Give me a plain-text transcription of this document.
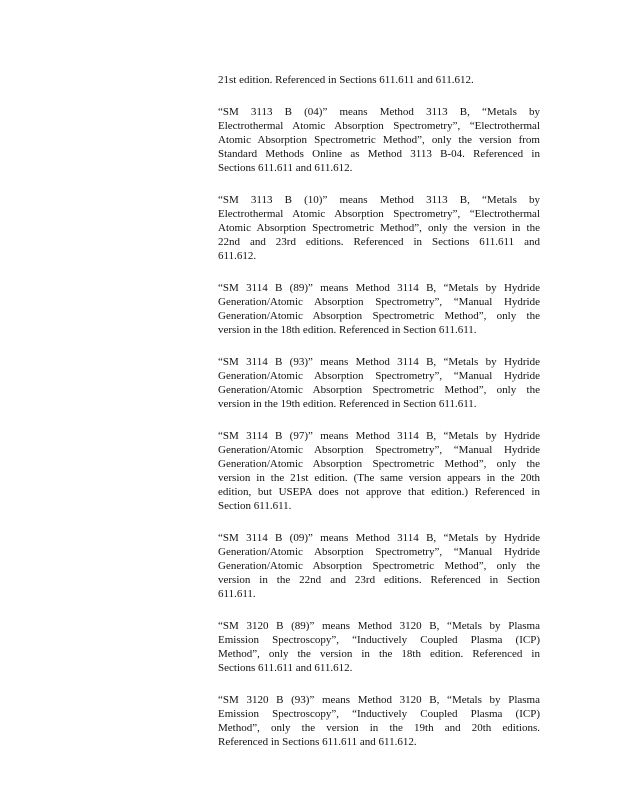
21st edition. Referenced in Sections 611.611 and 611.612.
“SM 3113 B (04)” means Method 3113 B, “Metals by
Electrothermal Atomic Absorption Spectrometry”, “Electrothermal
Atomic Absorption Spectrometric Method”, only the version from
Standard Methods Online as Method 3113 B-04. Referenced in
Sections 611.611 and 611.612.
“SM 3113 B (10)” means Method 3113 B, “Metals by
Electrothermal Atomic Absorption Spectrometry”, “Electrothermal
Atomic Absorption Spectrometric Method”, only the version in the
22nd and 23rd editions. Referenced in Sections 611.611 and
611.612.
“SM 3114 B (89)” means Method 3114 B, “Metals by Hydride
Generation/Atomic Absorption Spectrometry”, “Manual Hydride
Generation/Atomic Absorption Spectrometric Method”, only the
version in the 18th edition. Referenced in Section 611.611.
“SM 3114 B (93)” means Method 3114 B, “Metals by Hydride
Generation/Atomic Absorption Spectrometry”, “Manual Hydride
Generation/Atomic Absorption Spectrometric Method”, only the
version in the 19th edition. Referenced in Section 611.611.
“SM 3114 B (97)” means Method 3114 B, “Metals by Hydride
Generation/Atomic Absorption Spectrometry”, “Manual Hydride
Generation/Atomic Absorption Spectrometric Method”, only the
version in the 21st edition. (The same version appears in the 20th
edition, but USEPA does not approve that edition.) Referenced in
Section 611.611.
“SM 3114 B (09)” means Method 3114 B, “Metals by Hydride
Generation/Atomic Absorption Spectrometry”, “Manual Hydride
Generation/Atomic Absorption Spectrometric Method”, only the
version in the 22nd and 23rd editions. Referenced in Section
611.611.
“SM 3120 B (89)” means Method 3120 B, “Metals by Plasma
Emission Spectroscopy”, “Inductively Coupled Plasma (ICP)
Method”, only the version in the 18th edition. Referenced in
Sections 611.611 and 611.612.
“SM 3120 B (93)” means Method 3120 B, “Metals by Plasma
Emission Spectroscopy”, “Inductively Coupled Plasma (ICP)
Method”, only the version in the 19th and 20th editions.
Referenced in Sections 611.611 and 611.612.
